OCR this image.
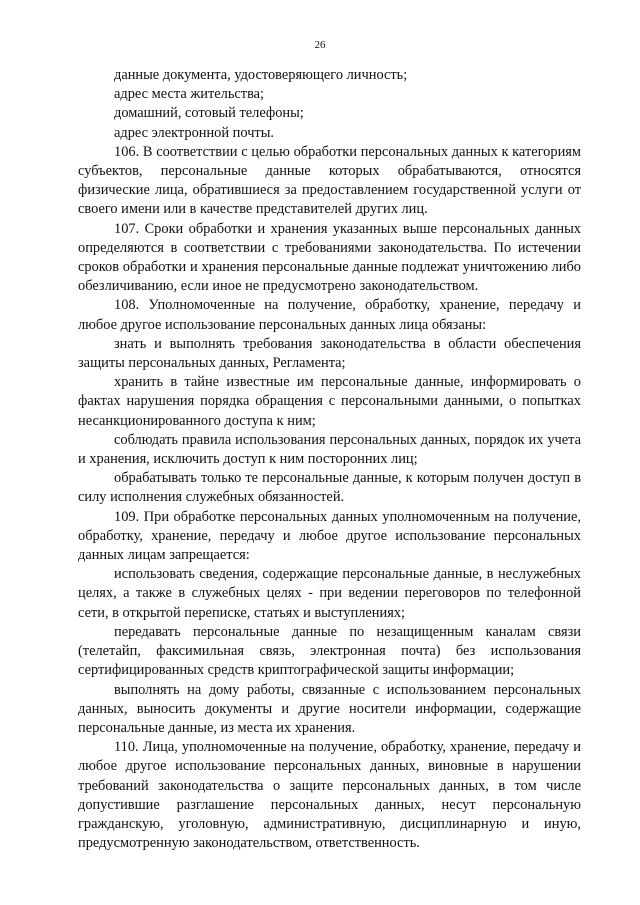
26

данные документа, удостоверяющего личность;

адрес места жительства;

домашний, сотовый телефоны;

адрес электронной почты.

106. В соответствии с целью обработки персональных данных к категориям субъектов, персональные данные которых обрабатываются, относятся физические лица, обратившиеся за предоставлением государственной услуги от своего имени или в качестве представителей других лиц.

107. Сроки обработки и хранения указанных выше персональных данных определяются в соответствии с требованиями законодательства. По истечении сроков обработки и хранения персональные данные подлежат уничтожению либо обезличиванию, если иное не предусмотрено законодательством.

108. Уполномоченные на получение, обработку, хранение, передачу и любое другое использование персональных данных лица обязаны:

знать и выполнять требования законодательства в области обеспечения защиты персональных данных, Регламента;

хранить в тайне известные им персональные данные, информировать о фактах нарушения порядка обращения с персональными данными, о попытках несанкционированного доступа к ним;

соблюдать правила использования персональных данных, порядок их учета и хранения, исключить доступ к ним посторонних лиц;

обрабатывать только те персональные данные, к которым получен доступ в силу исполнения служебных обязанностей.

109. При обработке персональных данных уполномоченным на получение, обработку, хранение, передачу и любое другое использование персональных данных лицам запрещается:

использовать сведения, содержащие персональные данные, в неслужебных целях, а также в служебных целях - при ведении переговоров по телефонной сети, в открытой переписке, статьях и выступлениях;

передавать персональные данные по незащищенным каналам связи (телетайп, факсимильная связь, электронная почта) без использования сертифицированных средств криптографической защиты информации;

выполнять на дому работы, связанные с использованием персональных данных, выносить документы и другие носители информации, содержащие персональные данные, из места их хранения.

110. Лица, уполномоченные на получение, обработку, хранение, передачу и любое другое использование персональных данных, виновные в нарушении требований законодательства о защите персональных данных, в том числе допустившие разглашение персональных данных, несут персональную гражданскую, уголовную, административную, дисциплинарную и иную, предусмотренную законодательством, ответственность.
